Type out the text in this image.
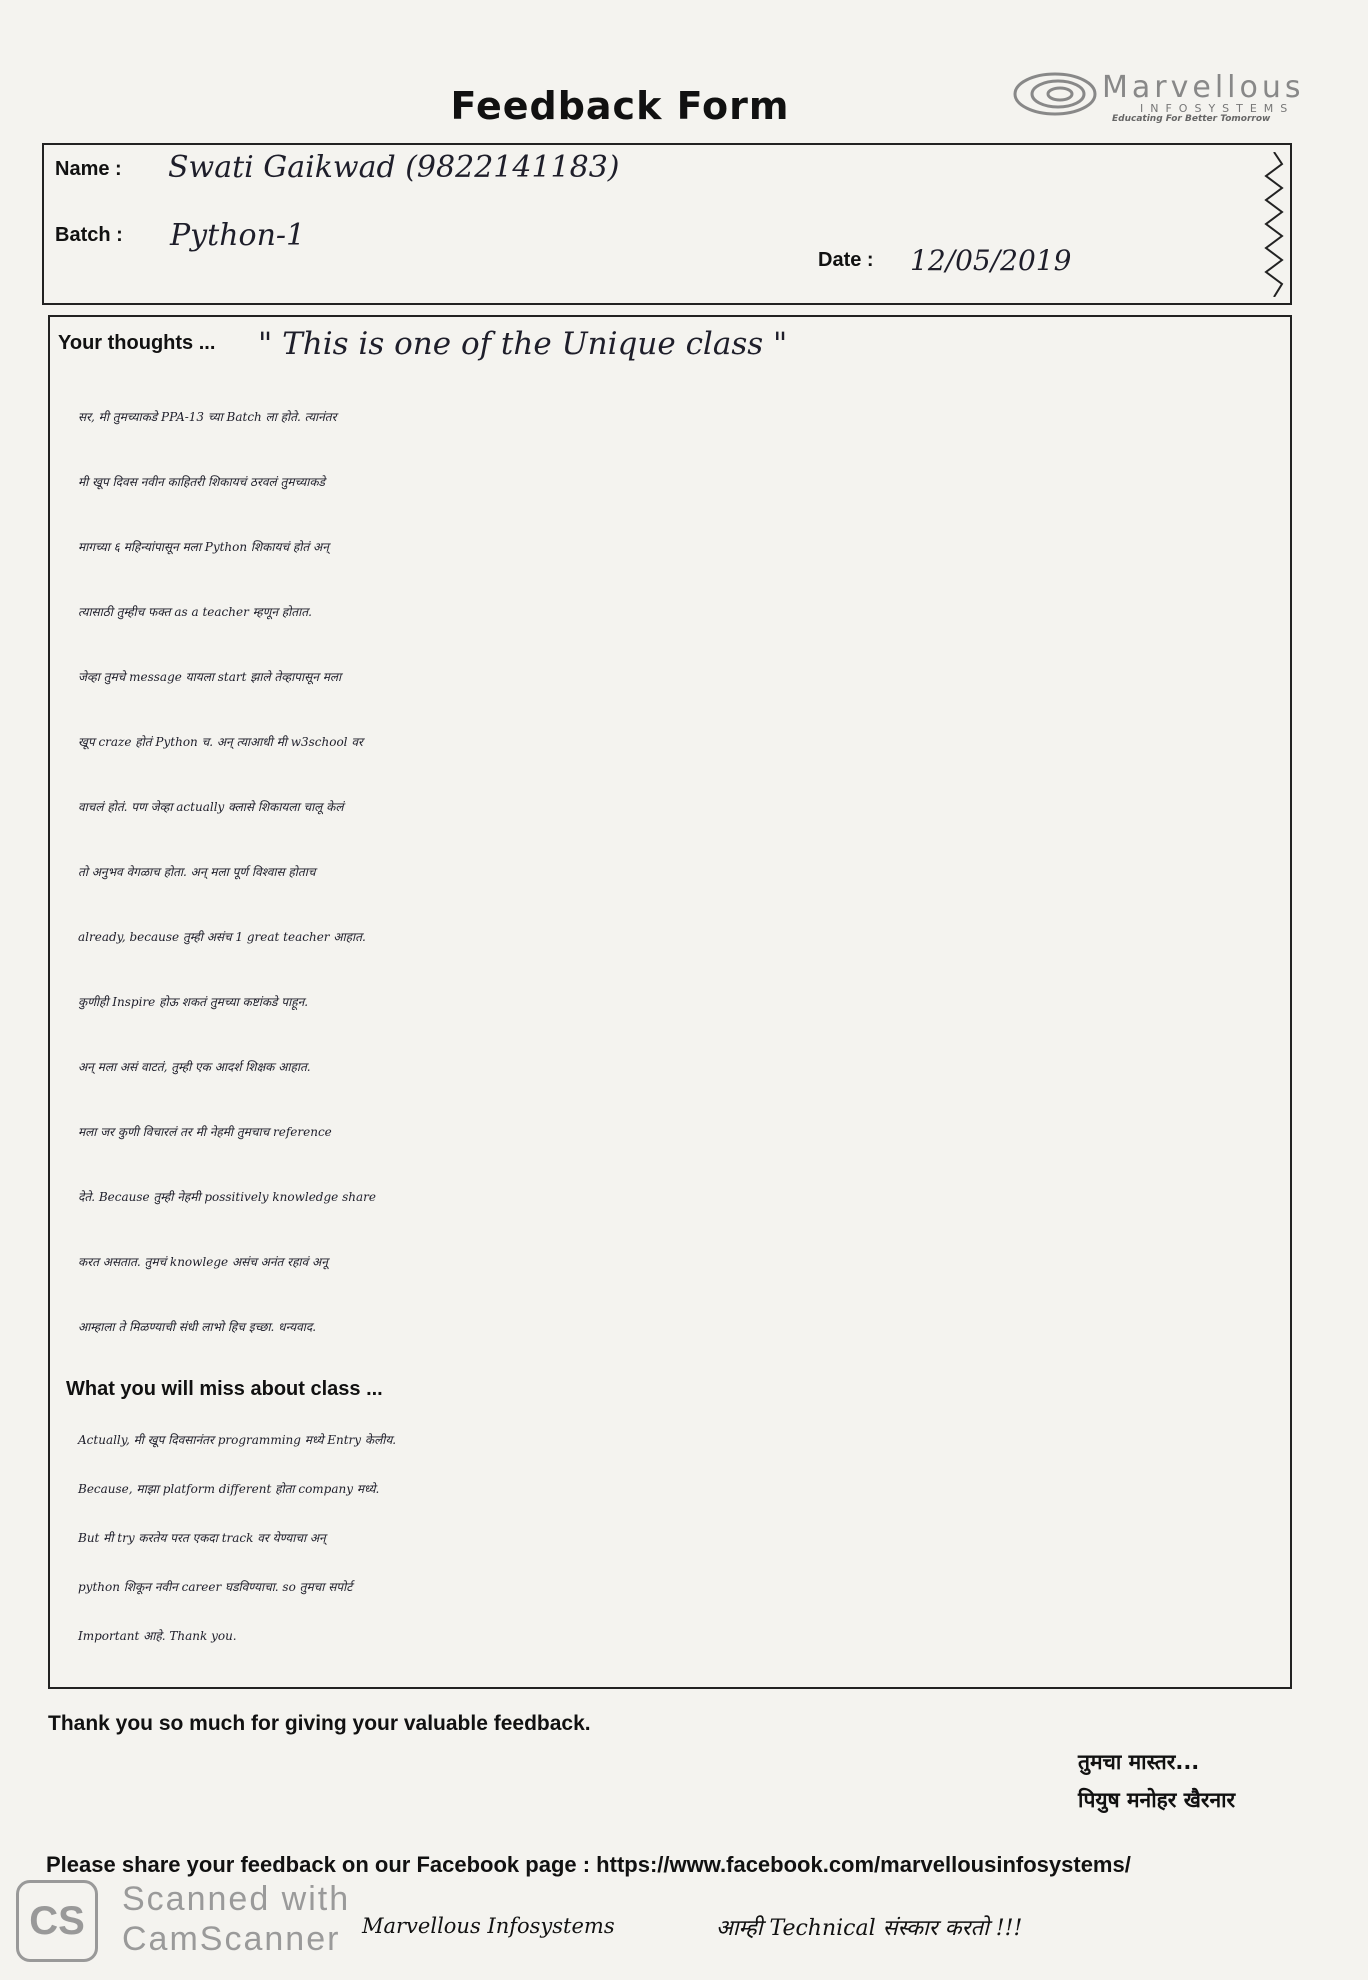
Feedback Form	Marvellous
INFOSYSTEMS
Educating For Better Tomorrow
Name : Swati Gaikwad (9822141183)
Batch : Python-1
Date : 12/05/2019
Your thoughts ... " This is one of the Unique class "

सर, मी तुमच्याकडे PPA-13 च्या Batch ला होते. त्यानंतर

मी खूप दिवस नवीन काहितरी शिकायचं ठरवलं तुमच्याकडे

मागच्या ६ महिन्यांपासून मला Python शिकायचं होतं अन्

त्यासाठी तुम्हीच फक्त as a teacher म्हणून होतात.

जेव्हा तुमचे message यायला start झाले तेव्हापासून मला

खूप craze होतं Python च. अन् त्याआधी मी w3school वर

वाचलं होतं. पण जेव्हा actually क्लासे शिकायला चालू केलं

तो अनुभव वेगळाच होता. अन् मला पूर्ण विश्वास होताच

already, because तुम्ही असंच 1 great teacher आहात.

कुणीही Inspire होऊ शकतं तुमच्या कष्टांकडे पाहून.

अन् मला असं वाटतं, तुम्ही एक आदर्श शिक्षक आहात.

मला जर कुणी विचारलं तर मी नेहमी तुमचाच reference

देते. Because तुम्ही नेहमी possitively knowledge share

करत असतात. तुमचं knowlege असंच अनंत रहावं अनू

आम्हाला ते मिळण्याची संधी लाभो हिच इच्छा. धन्यवाद.

What you will miss about class ...

Actually, मी खूप दिवसानंतर programming मध्ये Entry केलीय.

Because, माझा platform different होता company मध्ये.

But मी try करतेय परत एकदा track वर येण्याचा अन्

python शिकून नवीन career घडविण्याचा. so तुमचा सपोर्ट

Important आहे. Thank you.

Thank you so much for giving your valuable feedback.
तुमचा मास्तर...
पियुष मनोहर खैरनार
Please share your feedback on our Facebook page : https://www.facebook.com/marvellousinfosystems/
Marvellous Infosystems	आम्ही Technical संस्कार करतो !!!
CS	Scanned with
CamScanner
